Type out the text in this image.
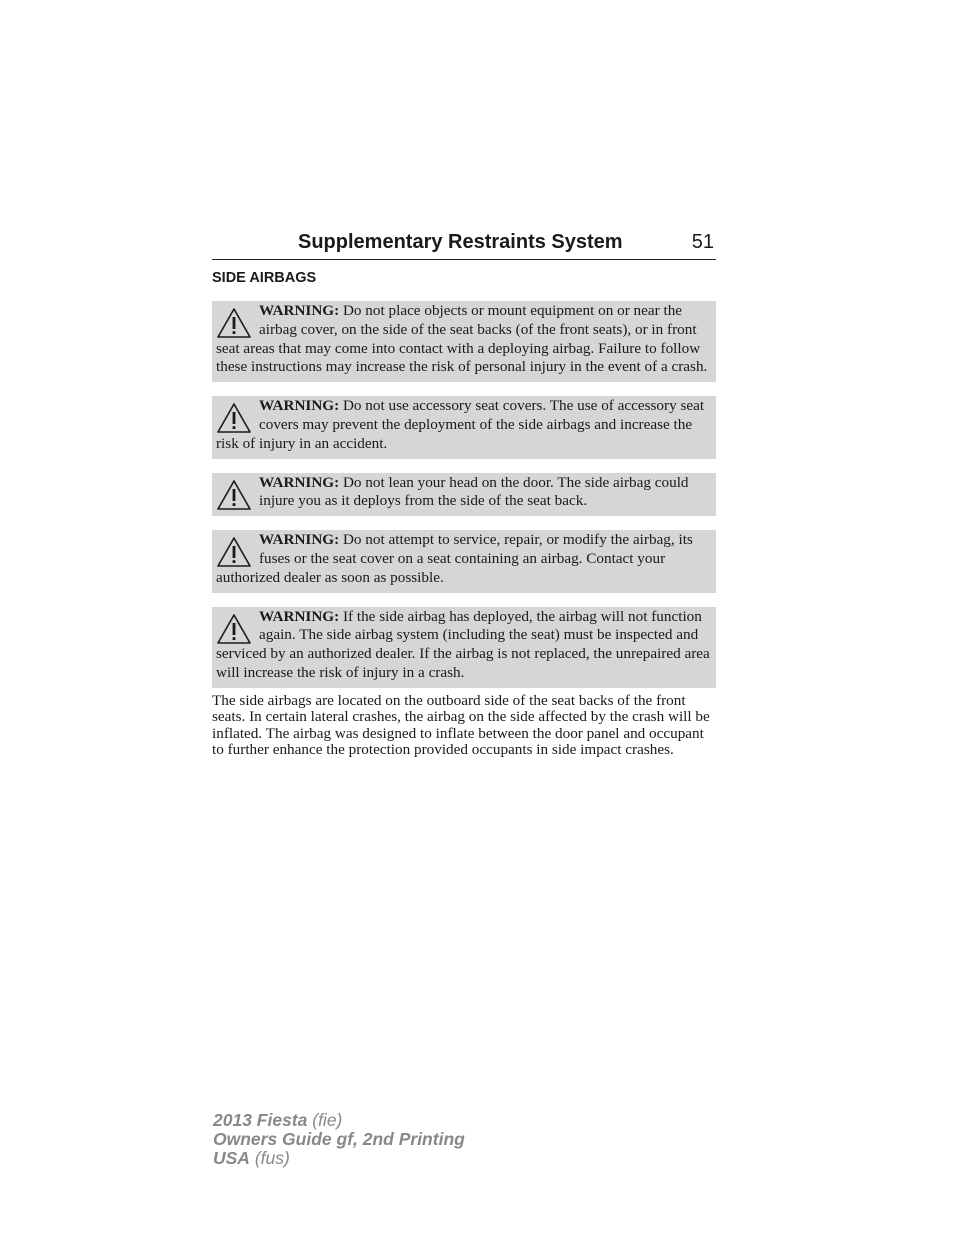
Supplementary Restraints System	51
SIDE AIRBAGS
WARNING: Do not place objects or mount equipment on or near the airbag cover, on the side of the seat backs (of the front seats), or in front seat areas that may come into contact with a deploying airbag. Failure to follow these instructions may increase the risk of personal injury in the event of a crash.
WARNING: Do not use accessory seat covers. The use of accessory seat covers may prevent the deployment of the side airbags and increase the risk of injury in an accident.
WARNING: Do not lean your head on the door. The side airbag could injure you as it deploys from the side of the seat back.
WARNING: Do not attempt to service, repair, or modify the airbag, its fuses or the seat cover on a seat containing an airbag. Contact your authorized dealer as soon as possible.
WARNING: If the side airbag has deployed, the airbag will not function again. The side airbag system (including the seat) must be inspected and serviced by an authorized dealer. If the airbag is not replaced, the unrepaired area will increase the risk of injury in a crash.
The side airbags are located on the outboard side of the seat backs of the front seats. In certain lateral crashes, the airbag on the side affected by the crash will be inflated. The airbag was designed to inflate between the door panel and occupant to further enhance the protection provided occupants in side impact crashes.
2013 Fiesta (fie)
Owners Guide gf, 2nd Printing
USA (fus)
